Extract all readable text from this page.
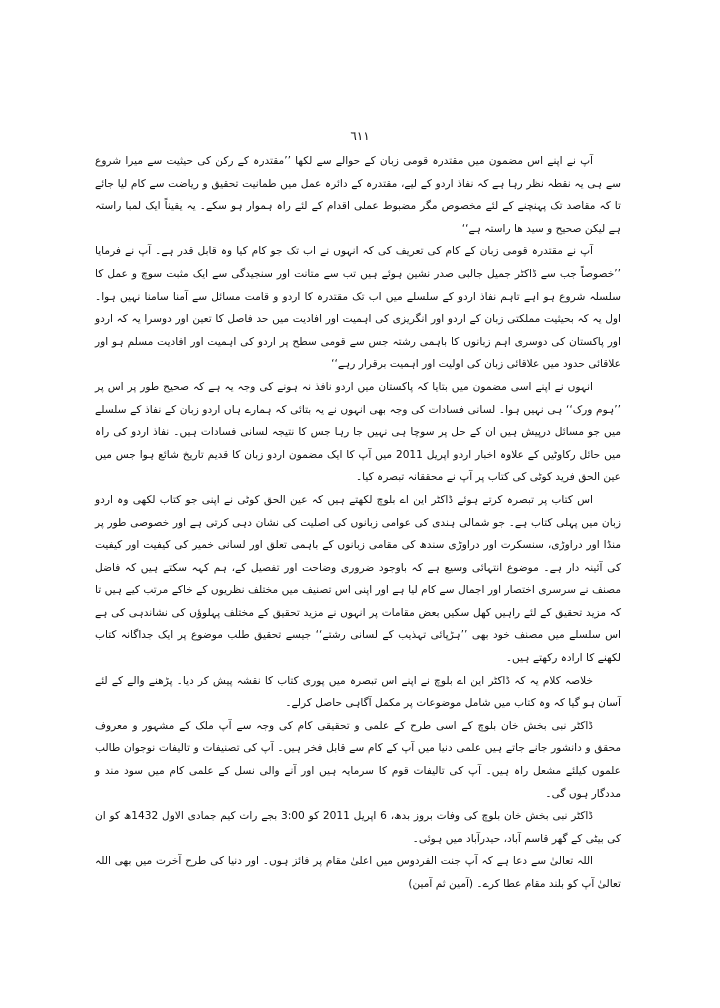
٦١١

آپ نے اپنے اس مضمون میں مقتدرہ قومی زبان کے حوالے سے لکھا ’’مقتدرہ کے رکن کی حیثیت سے میرا شروع سے ہی یہ نقطہ نظر رہا ہے کہ نفاذ اردو کے لیے، مقتدرہ کے دائرہ عمل میں طمانیت تحقیق و ریاضت سے کام لیا جائے تا کہ مقاصد تک پہنچنے کے لئے مخصوص مگر مضبوط عملی اقدام کے لئے راہ ہموار ہو سکے۔ یہ یقیناً ایک لمبا راستہ ہے لیکن صحیح و سید ھا راستہ ہے‘‘

آپ نے مقتدرہ قومی زبان کے کام کی تعریف کی کہ انہوں نے اب تک جو کام کیا وہ قابل قدر ہے۔ آپ نے فرمایا ’’خصوصاً جب سے ڈاکٹر جمیل جالبی صدر نشین ہوئے ہیں تب سے متانت اور سنجیدگی سے ایک مثبت سوچ و عمل کا سلسلہ شروع ہو اہے تاہم نفاذ اردو کے سلسلے میں اب تک مقتدرہ کا اردو و قامت مسائل سے آمنا سامنا نہیں ہوا۔ اول یہ کہ بحیثیت مملکتی زبان کے اردو اور انگریزی کی اہمیت اور افادیت میں حد فاصل کا تعین اور دوسرا یہ کہ اردو اور پاکستان کی دوسری اہم زبانوں کا باہمی رشتہ جس سے قومی سطح پر اردو کی اہمیت اور افادیت مسلم ہو اور علاقائی حدود میں علاقائی زبان کی اولیت اور اہمیت برقرار رہے‘‘

انہوں نے اپنے اسی مضمون میں بتایا کہ پاکستان میں اردو نافذ نہ ہونے کی وجہ یہ ہے کہ صحیح طور پر اس پر ’’ہوم ورک‘‘ ہی نہیں ہوا۔ لسانی فسادات کی وجہ بھی انہوں نے یہ بتائی کہ ہمارے ہاں اردو زبان کے نفاذ کے سلسلے میں جو مسائل درپیش ہیں ان کے حل پر سوچا ہی نہیں جا رہا جس کا نتیجہ لسانی فسادات ہیں۔ نفاذ اردو کی راہ میں حائل رکاوٹیں کے علاوہ اخبار اردو اپریل 2011 میں آپ کا ایک مضمون اردو زبان کا قدیم تاریخ شائع ہوا جس میں عین الحق فرید کوٹی کی کتاب پر آپ نے محققانہ تبصرہ کیا۔

اس کتاب پر تبصرہ کرتے ہوئے ڈاکٹر این اے بلوچ لکھتے ہیں کہ عین الحق کوٹی نے اپنی جو کتاب لکھی وہ اردو زبان میں پہلی کتاب ہے۔ جو شمالی ہندی کی عوامی زبانوں کی اصلیت کی نشان دہی کرتی ہے اور خصوصی طور پر منڈا اور دراوڑی، سنسکرت اور دراوڑی سندھ کی مقامی زبانوں کے باہمی تعلق اور لسانی خمیر کی کیفیت اور کیفیت کی آئینہ دار ہے۔ موضوع انتہائی وسیع ہے کہ باوجود ضروری وضاحت اور تفصیل کے، ہم کہہ سکتے ہیں کہ فاضل مصنف نے سرسری اختصار اور اجمال سے کام لیا ہے اور اپنی اس تصنیف میں مختلف نظریوں کے خاکے مرتب کیے ہیں تا کہ مزید تحقیق کے لئے راہیں کھل سکیں بعض مقامات پر انہوں نے مزید تحقیق کے مختلف پہلوؤں کی نشاندہی کی ہے اس سلسلے میں مصنف خود بھی ’’ہڑپائی تہذیب کے لسانی رشتے‘‘ جیسے تحقیق طلب موضوع پر ایک جداگانہ کتاب لکھنے کا ارادہ رکھتے ہیں۔

خلاصہ کلام یہ کہ ڈاکٹر این اے بلوچ نے اپنے اس تبصرہ میں پوری کتاب کا نقشہ پیش کر دیا۔ پڑھنے والے کے لئے آسان ہو گیا کہ وہ کتاب میں شامل موضوعات پر مکمل آگاہی حاصل کرلے۔

ڈاکٹر نبی بخش خان بلوچ کے اسی طرح کے علمی و تحقیقی کام کی وجہ سے آپ ملک کے مشہور و معروف محقق و دانشور جانے جاتے ہیں علمی دنیا میں آپ کے کام سے قابل فخر ہیں۔ آپ کی تصنیفات و تالیفات نوجوان طالب علموں کیلئے مشعل راہ ہیں۔ آپ کی تالیفات قوم کا سرمایہ ہیں اور آنے والی نسل کے علمی کام میں سود مند و مددگار ہوں گی۔

ڈاکٹر نبی بخش خان بلوچ کی وفات بروز بدھ، 6 اپریل 2011 کو 3:00 بجے رات کیم جمادی الاول 1432ھ کو ان کی بیٹی کے گھر قاسم آباد، حیدرآباد میں ہوئی۔

اللہ تعالیٰ سے دعا ہے کہ آپ جنت الفردوس میں اعلیٰ مقام پر فائز ہوں۔ اور دنیا کی طرح آخرت میں بھی اللہ تعالیٰ آپ کو بلند مقام عطا کرے۔ (آمین ثم آمین)
